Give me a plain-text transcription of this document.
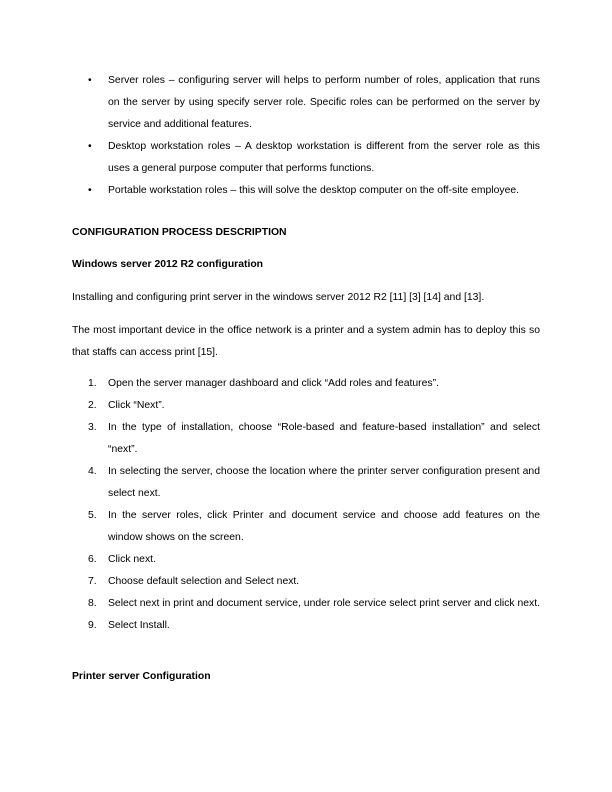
• Server roles – configuring server will helps to perform number of roles, application that runs on the server by using specify server role. Specific roles can be performed on the server by service and additional features.
• Desktop workstation roles – A desktop workstation is different from the server role as this uses a general purpose computer that performs functions.
• Portable workstation roles – this will solve the desktop computer on the off-site employee.
CONFIGURATION PROCESS DESCRIPTION
Windows server 2012 R2 configuration

Installing and configuring print server in the windows server 2012 R2 [11] [3] [14] and [13].

The most important device in the office network is a printer and a system admin has to deploy this so that staffs can access print [15].

1. Open the server manager dashboard and click “Add roles and features”.
2. Click “Next”.
3. In the type of installation, choose “Role-based and feature-based installation” and select “next”.
4. In selecting the server, choose the location where the printer server configuration present and select next.
5. In the server roles, click Printer and document service and choose add features on the window shows on the screen.
6. Click next.
7. Choose default selection and Select next.
8. Select next in print and document service, under role service select print server and click next.
9. Select Install.
Printer server Configuration
